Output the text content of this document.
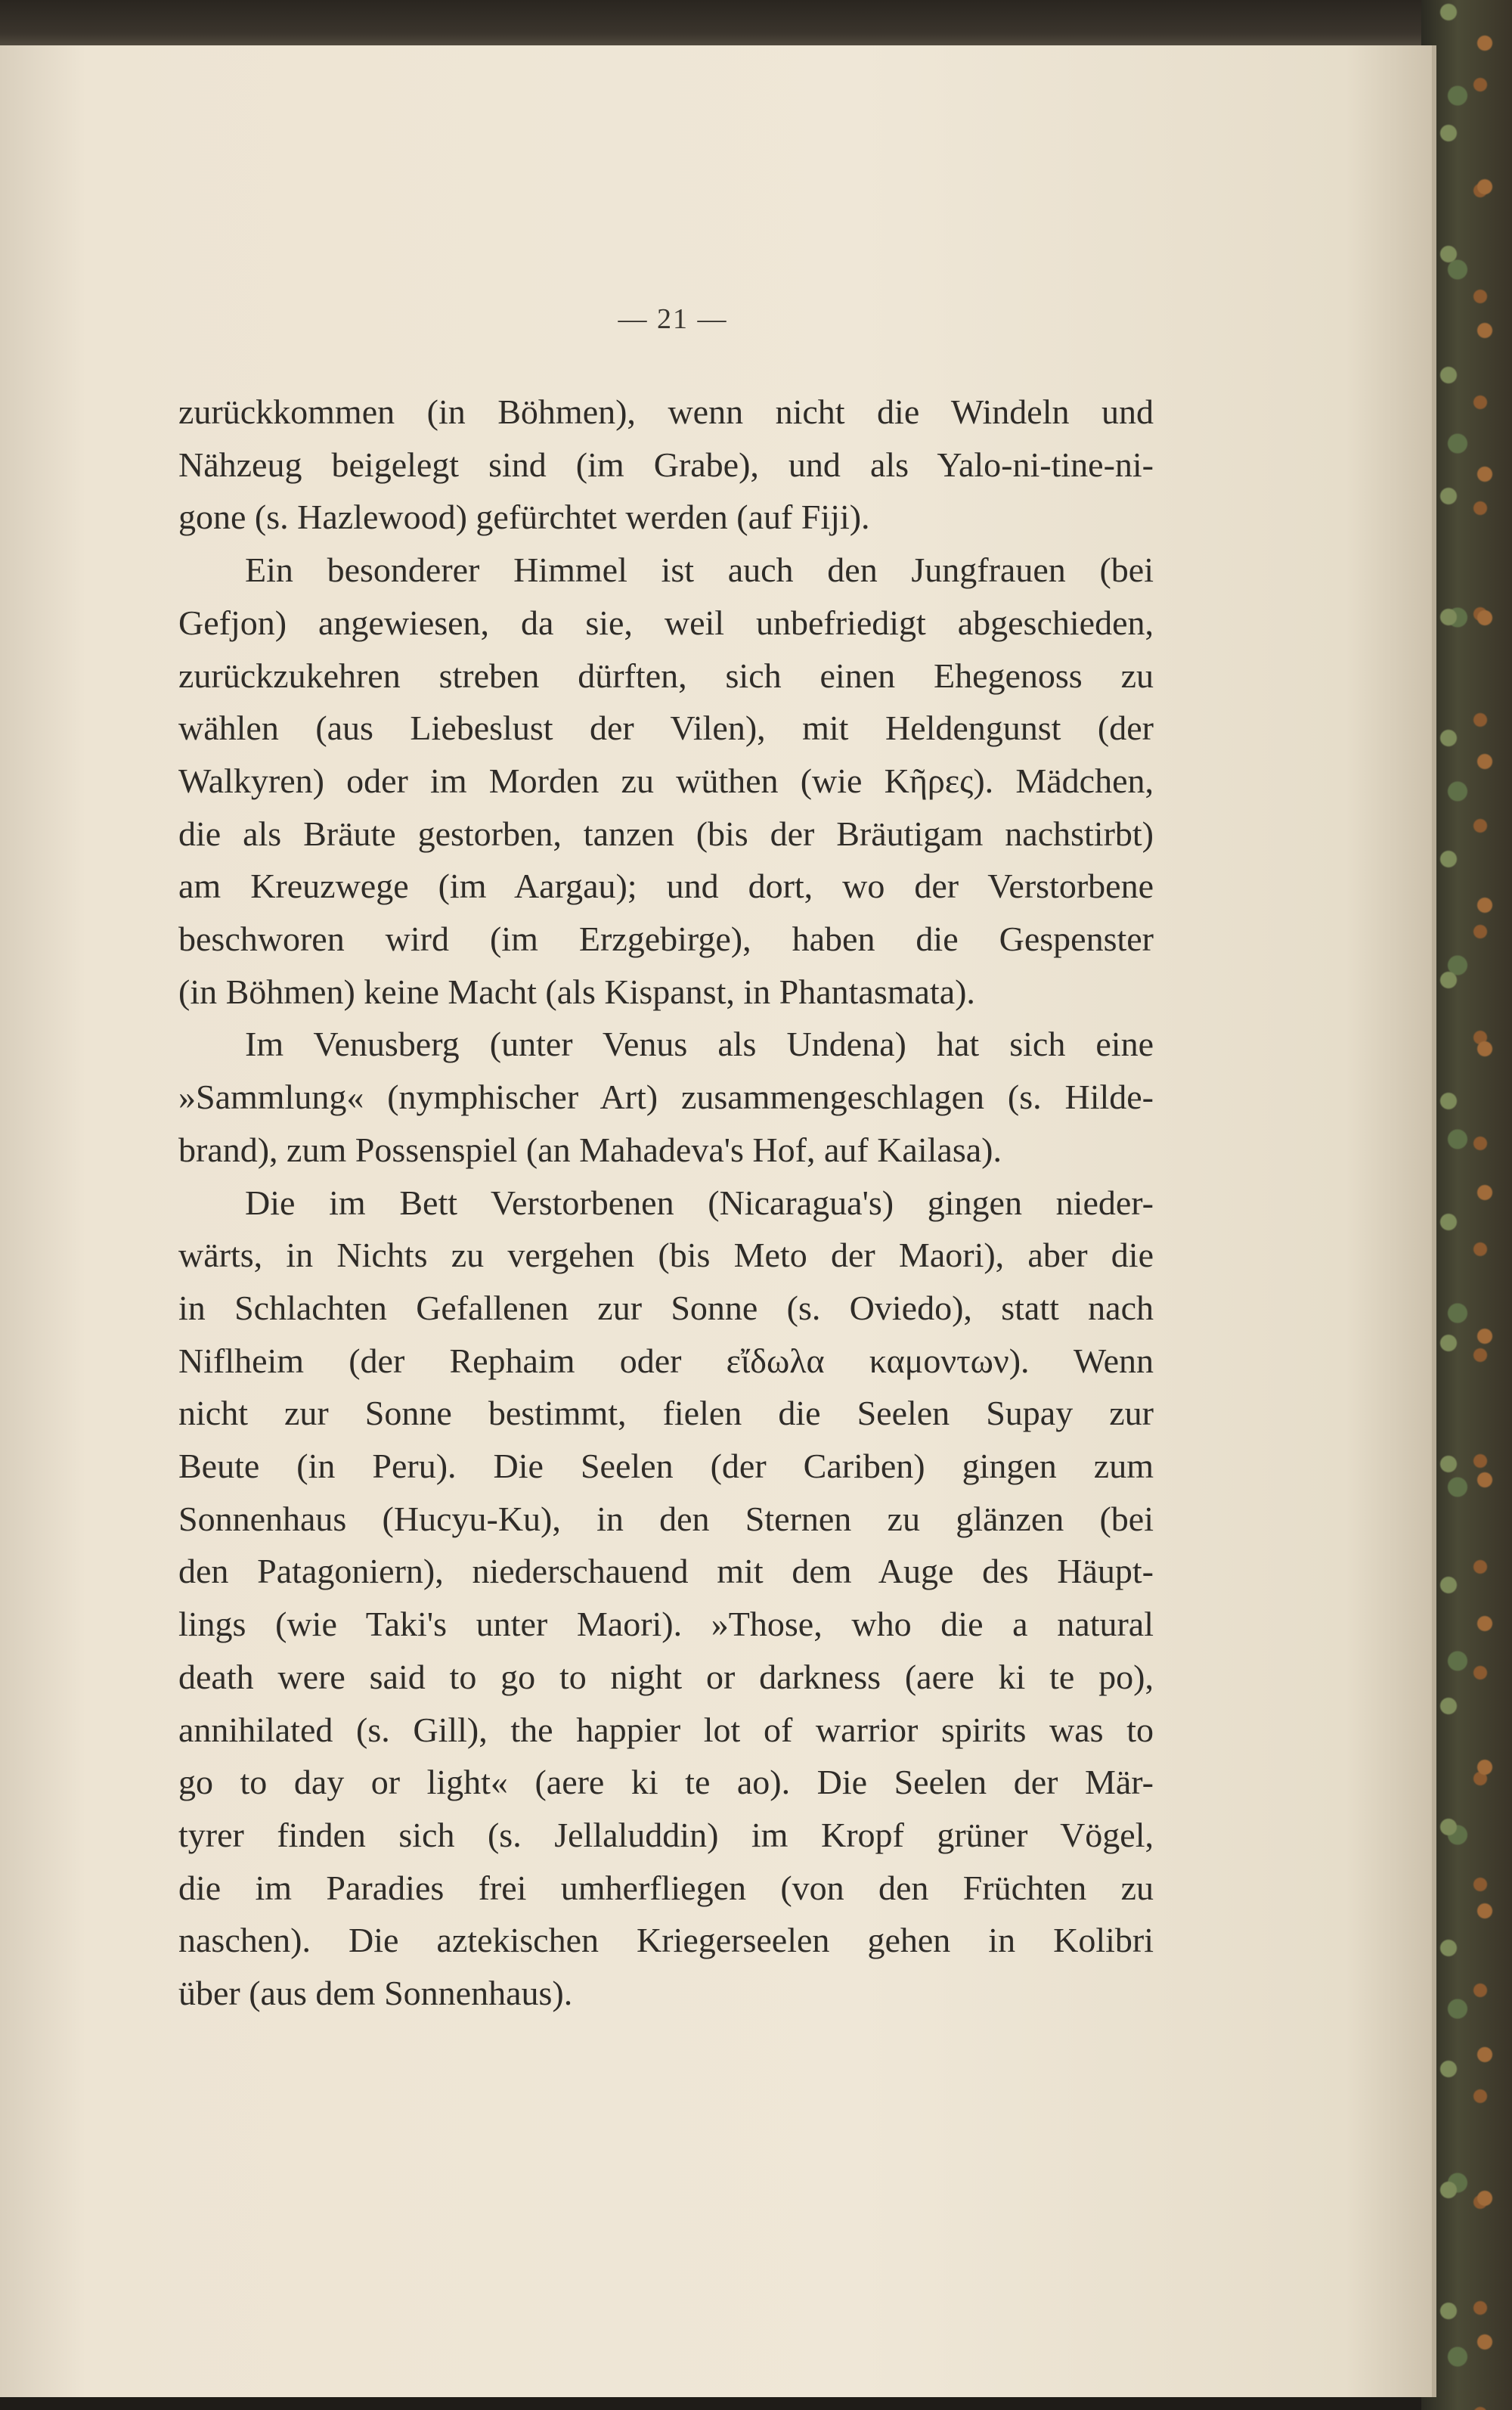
— 21 —
zurückkommen (in Böhmen), wenn nicht die Windeln und
Nähzeug beigelegt sind (im Grabe), und als Yalo-ni-tine-ni-
gone (s. Hazlewood) gefürchtet werden (auf Fiji).
Ein besonderer Himmel ist auch den Jungfrauen (bei
Gefjon) angewiesen, da sie, weil unbefriedigt abgeschieden,
zurückzukehren streben dürften, sich einen Ehegenoss zu
wählen (aus Liebeslust der Vilen), mit Heldengunst (der
Walkyren) oder im Morden zu wüthen (wie Κῆρες). Mädchen,
die als Bräute gestorben, tanzen (bis der Bräutigam nachstirbt)
am Kreuzwege (im Aargau); und dort, wo der Verstorbene
beschworen wird (im Erzgebirge), haben die Gespenster
(in Böhmen) keine Macht (als Kispanst, in Phantasmata).
Im Venusberg (unter Venus als Undena) hat sich eine
»Sammlung« (nymphischer Art) zusammengeschlagen (s. Hilde-
brand), zum Possenspiel (an Mahadeva's Hof, auf Kailasa).
Die im Bett Verstorbenen (Nicaragua's) gingen nieder-
wärts, in Nichts zu vergehen (bis Meto der Maori), aber die
in Schlachten Gefallenen zur Sonne (s. Oviedo), statt nach
Niflheim (der Rephaim oder εἴδωλα καμοντων). Wenn
nicht zur Sonne bestimmt, fielen die Seelen Supay zur
Beute (in Peru). Die Seelen (der Cariben) gingen zum
Sonnenhaus (Hucyu-Ku), in den Sternen zu glänzen (bei
den Patagoniern), niederschauend mit dem Auge des Häupt-
lings (wie Taki's unter Maori). »Those, who die a natural
death were said to go to night or darkness (aere ki te po),
annihilated (s. Gill), the happier lot of warrior spirits was to
go to day or light« (aere ki te ao). Die Seelen der Mär-
tyrer finden sich (s. Jellaluddin) im Kropf grüner Vögel,
die im Paradies frei umherfliegen (von den Früchten zu
naschen). Die aztekischen Kriegerseelen gehen in Kolibri
über (aus dem Sonnenhaus).
